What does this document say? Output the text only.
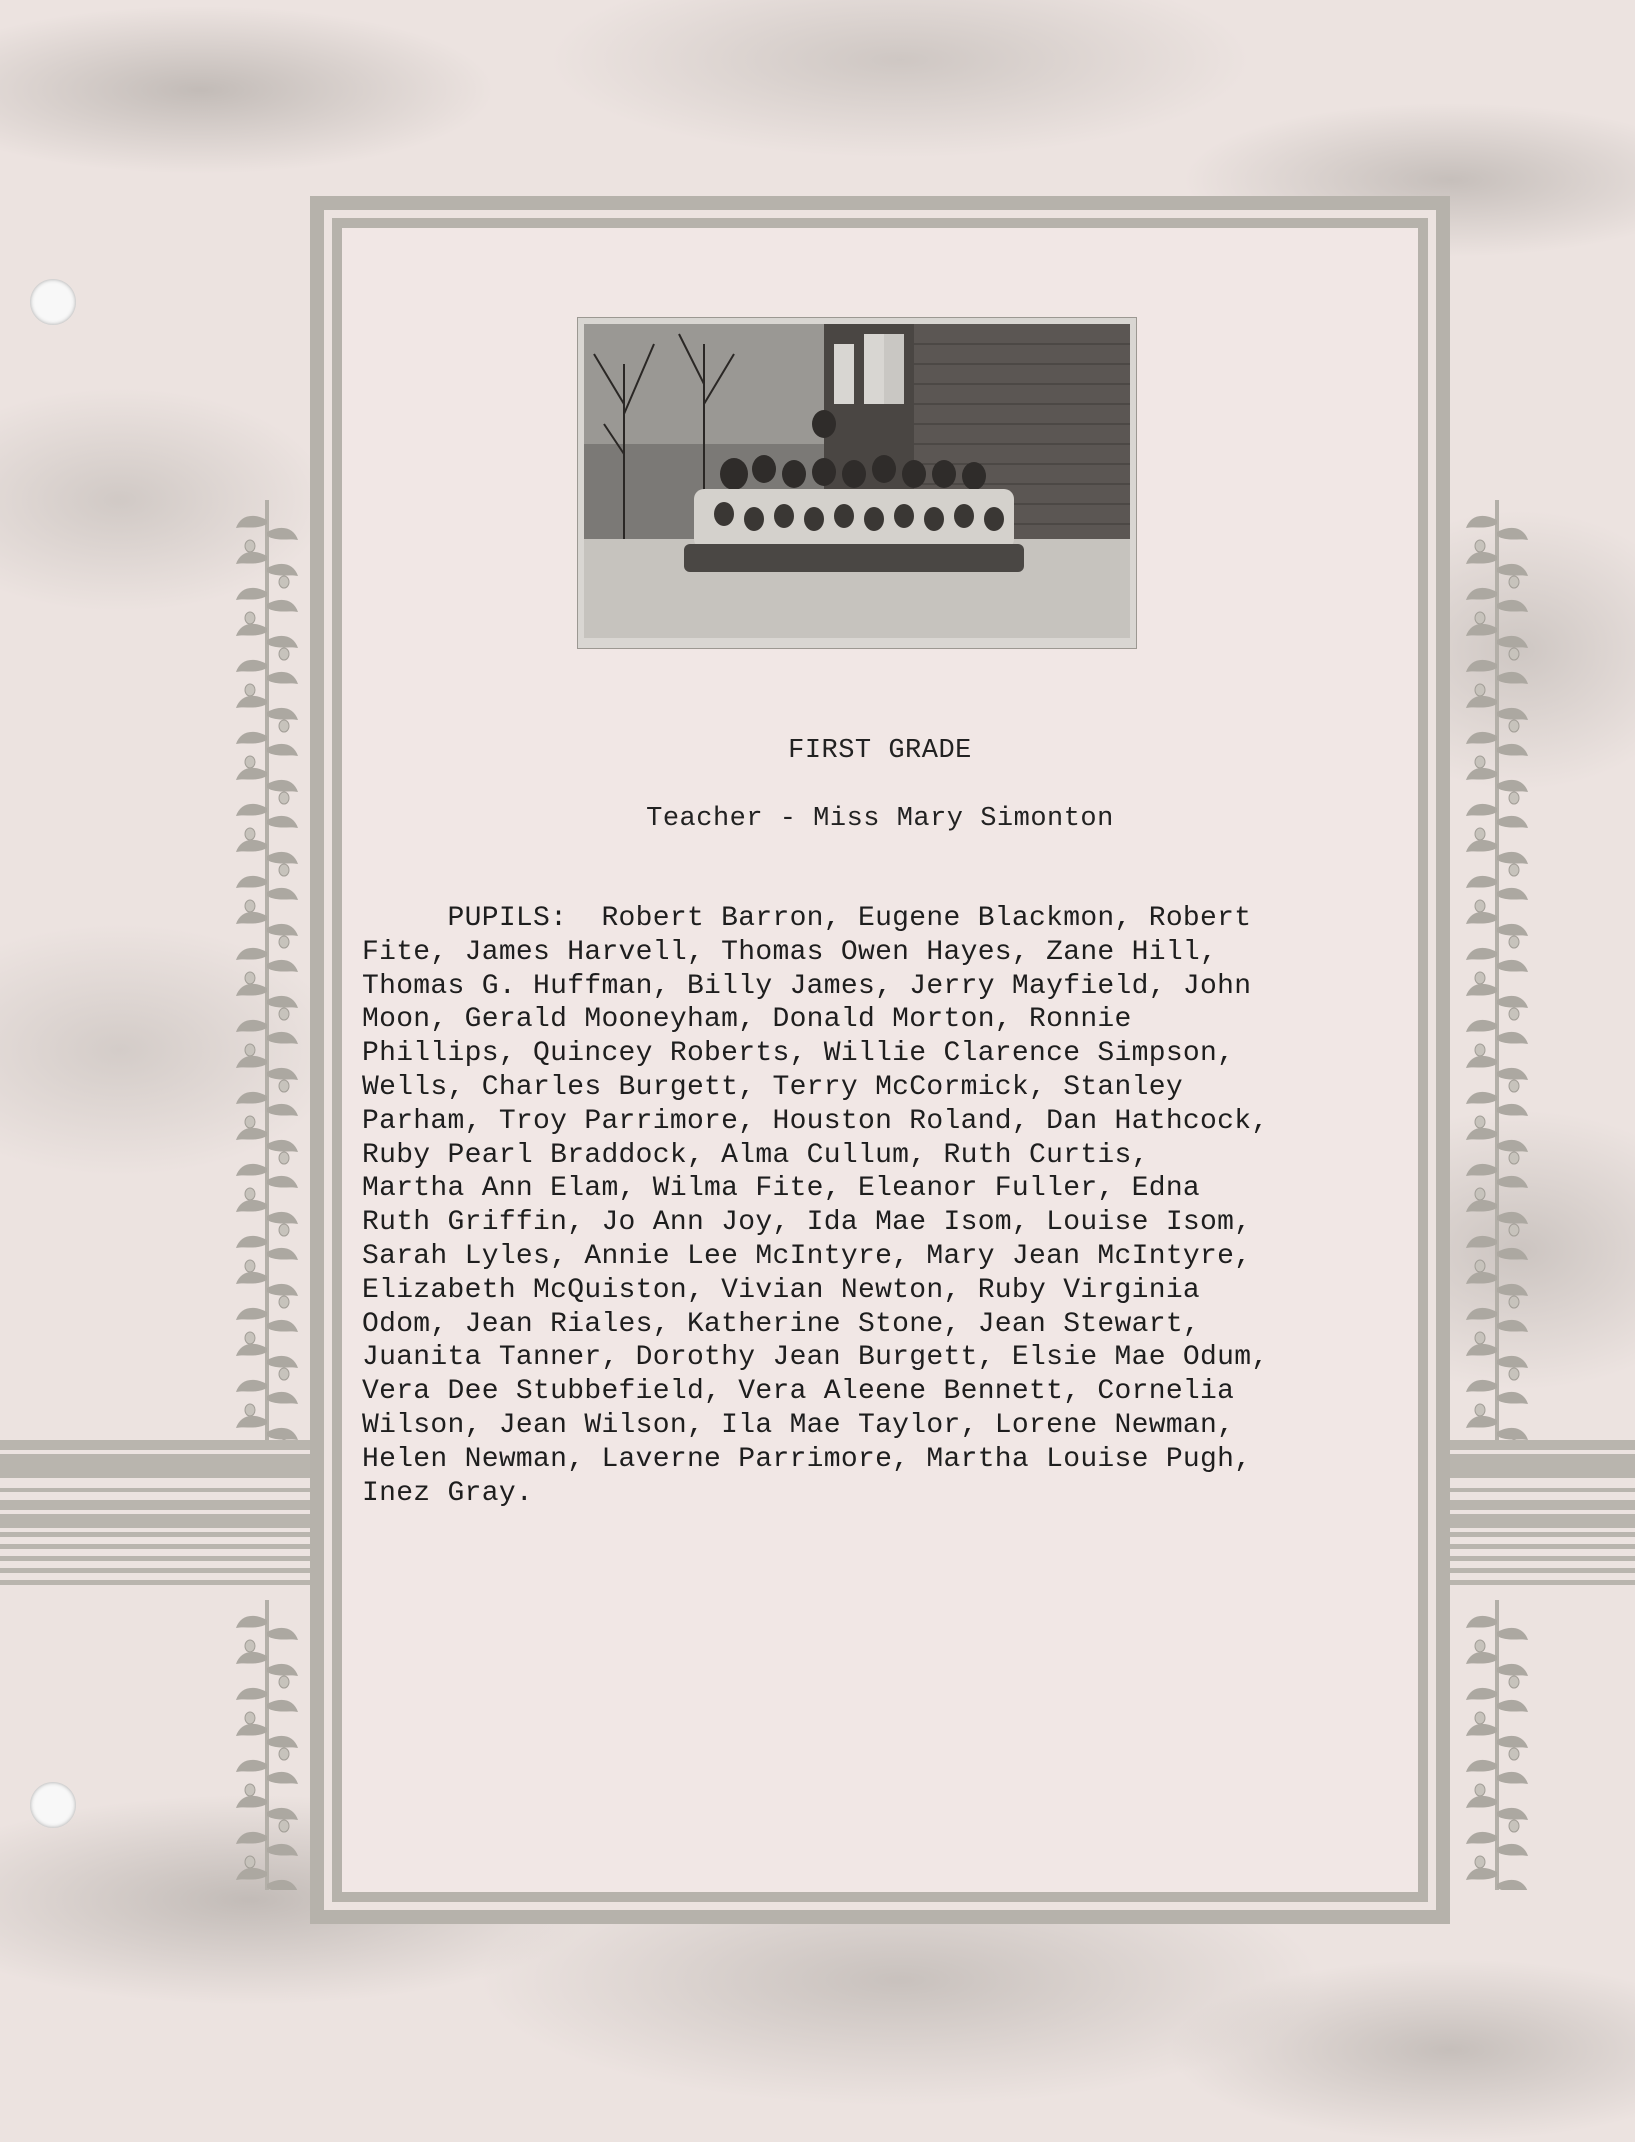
FIRST GRADE
Teacher - Miss Mary Simonton
PUPILS:  Robert Barron, Eugene Blackmon, Robert
Fite, James Harvell, Thomas Owen Hayes, Zane Hill,
Thomas G. Huffman, Billy James, Jerry Mayfield, John
Moon, Gerald Mooneyham, Donald Morton, Ronnie
Phillips, Quincey Roberts, Willie Clarence Simpson,
Wells, Charles Burgett, Terry McCormick, Stanley
Parham, Troy Parrimore, Houston Roland, Dan Hathcock,
Ruby Pearl Braddock, Alma Cullum, Ruth Curtis,
Martha Ann Elam, Wilma Fite, Eleanor Fuller, Edna
Ruth Griffin, Jo Ann Joy, Ida Mae Isom, Louise Isom,
Sarah Lyles, Annie Lee McIntyre, Mary Jean McIntyre,
Elizabeth McQuiston, Vivian Newton, Ruby Virginia
Odom, Jean Riales, Katherine Stone, Jean Stewart,
Juanita Tanner, Dorothy Jean Burgett, Elsie Mae Odum,
Vera Dee Stubbefield, Vera Aleene Bennett, Cornelia
Wilson, Jean Wilson, Ila Mae Taylor, Lorene Newman,
Helen Newman, Laverne Parrimore, Martha Louise Pugh,
Inez Gray.
